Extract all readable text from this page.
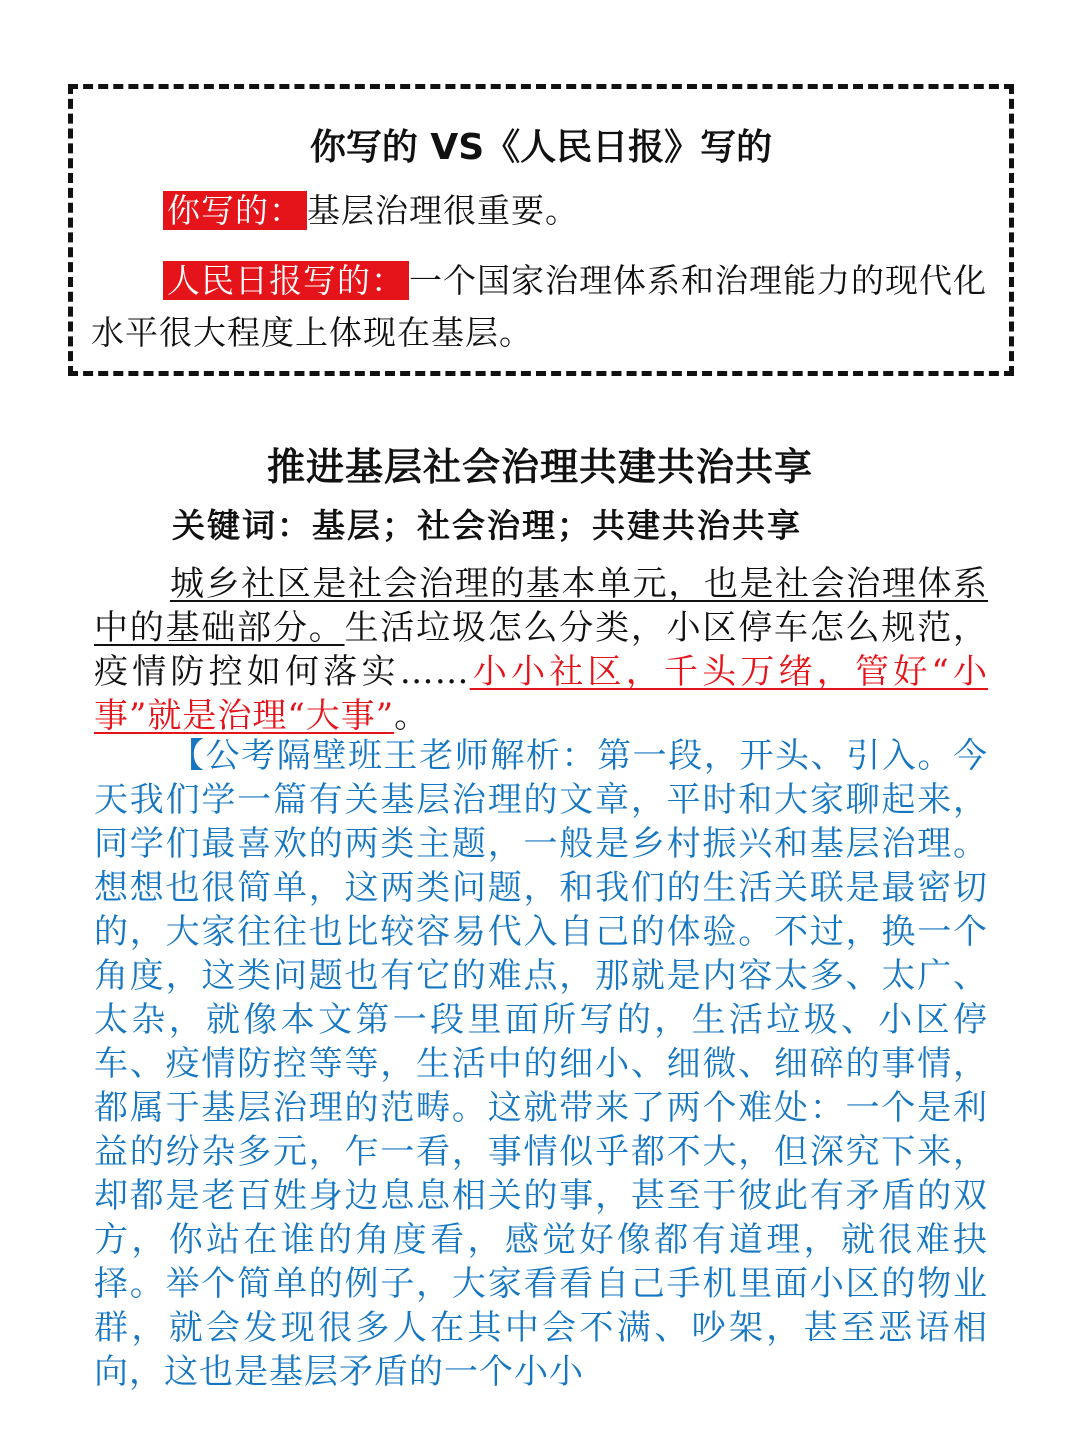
你写的 VS《人民日报》写的
你写的： 基层治理很重要。
人民日报写的： 一个国家治理体系和治理能力的现代化水平很大程度上体现在基层。
推进基层社会治理共建共治共享
关键词：基层；社会治理；共建共治共享
城乡社区是社会治理的基本单元，也是社会治理体系中的基础部分。生活垃圾怎么分类，小区停车怎么规范，疫情防控如何落实……小小社区，千头万绪，管好“小事”就是治理“大事”。
【公考隔壁班王老师解析：第一段，开头、引入。今天我们学一篇有关基层治理的文章，平时和大家聊起来，同学们最喜欢的两类主题，一般是乡村振兴和基层治理。想想也很简单，这两类问题，和我们的生活关联是最密切的，大家往往也比较容易代入自己的体验。不过，换一个角度，这类问题也有它的难点，那就是内容太多、太广、太杂，就像本文第一段里面所写的，生活垃圾、小区停车、疫情防控等等，生活中的细小、细微、细碎的事情，都属于基层治理的范畴。这就带来了两个难处：一个是利益的纷杂多元，乍一看，事情似乎都不大，但深究下来，却都是老百姓身边息息相关的事，甚至于彼此有矛盾的双方，你站在谁的角度看，感觉好像都有道理，就很难抉择。举个简单的例子，大家看看自己手机里面小区的物业群，就会发现很多人在其中会不满、吵架，甚至恶语相向，这也是基层矛盾的一个小小
